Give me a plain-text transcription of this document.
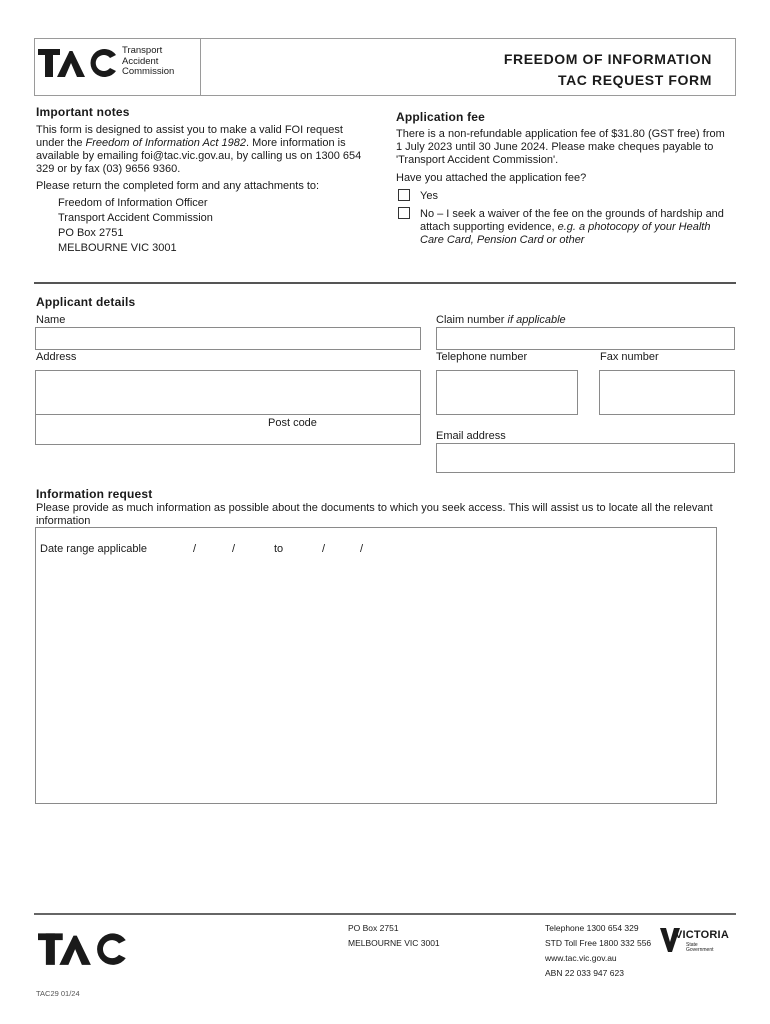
Transport
Accident
Commission
FREEDOM OF INFORMATION
TAC REQUEST FORM
Important notes

This form is designed to assist you to make a valid FOI request under the Freedom of Information Act 1982. More information is available by emailing foi@tac.vic.gov.au, by calling us on 1300 654 329 or by fax (03) 9656 9360.

Please return the completed form and any attachments to:

Freedom of Information Officer
Transport Accident Commission
PO Box 2751
MELBOURNE VIC 3001
Application fee

There is a non-refundable application fee of $31.80 (GST free) from 1 July 2023 until 30 June 2024. Please make cheques payable to 'Transport Accident Commission'.

Have you attached the application fee?

Yes

No – I seek a waiver of the fee on the grounds of hardship and attach supporting evidence, e.g. a photocopy of your Health Care Card, Pension Card or other

Applicant details
Name	Claim number if applicable
Address
Post code
Telephone number	Fax number
Email address
Information request

Please provide as much information as possible about the documents to which you seek access. This will assist us to locate all the relevant information

Date range applicable	/	/	to	/	/
PO Box 2751
MELBOURNE VIC 3001
Telephone 1300 654 329
STD Toll Free 1800 332 556
www.tac.vic.gov.au
ABN 22 033 947 623
VICTORIA
State
Government
TAC29 01/24
